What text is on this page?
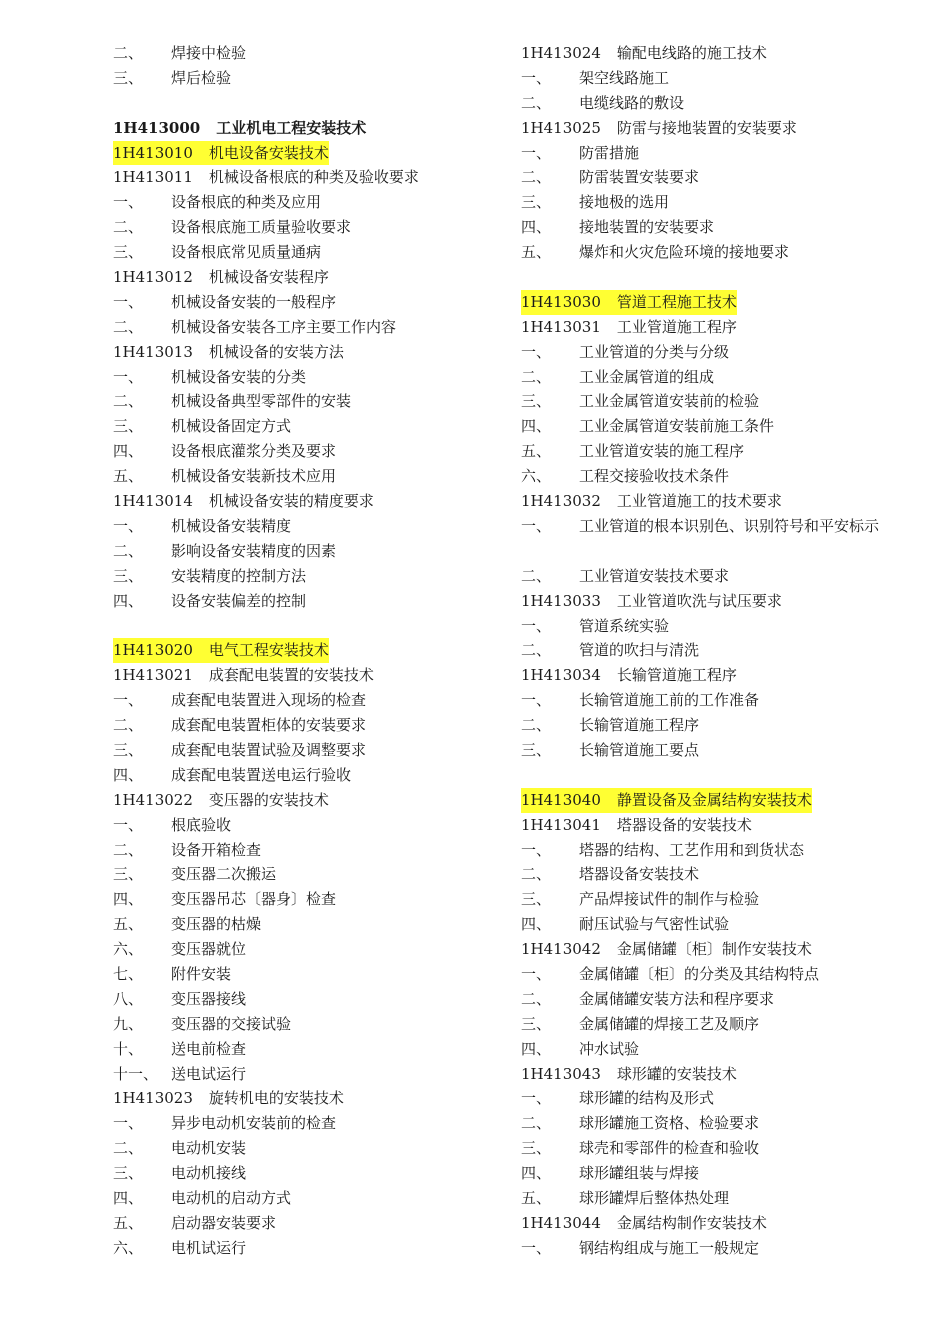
二、	焊接中检验
三、	焊后检验
1H413000 工业机电工程安装技术
1H413010 机电设备安装技术
1H413011 机械设备根底的种类及验收要求
一、	设备根底的种类及应用
二、	设备根底施工质量验收要求
三、	设备根底常见质量通病
1H413012 机械设备安装程序
一、	机械设备安装的一般程序
二、	机械设备安装各工序主要工作内容
1H413013 机械设备的安装方法
一、	机械设备安装的分类
二、	机械设备典型零部件的安装
三、	机械设备固定方式
四、	设备根底灌浆分类及要求
五、	机械设备安装新技术应用
1H413014 机械设备安装的精度要求
一、	机械设备安装精度
二、	影响设备安装精度的因素
三、	安装精度的控制方法
四、	设备安装偏差的控制
1H413020 电气工程安装技术
1H413021 成套配电装置的安装技术
一、	成套配电装置进入现场的检查
二、	成套配电装置柜体的安装要求
三、	成套配电装置试验及调整要求
四、	成套配电装置送电运行验收
1H413022 变压器的安装技术
一、	根底验收
二、	设备开箱检查
三、	变压器二次搬运
四、	变压器吊芯〔器身〕检查
五、	变压器的枯燥
六、	变压器就位
七、	附件安装
八、	变压器接线
九、	变压器的交接试验
十、	送电前检查
十一、 送电试运行
1H413023 旋转机电的安装技术
一、	异步电动机安装前的检查
二、	电动机安装
三、	电动机接线
四、	电动机的启动方式
五、	启动器安装要求
六、	电机试运行
1H413024 输配电线路的施工技术
一、	架空线路施工
二、	电缆线路的敷设
1H413025 防雷与接地装置的安装要求
一、	防雷措施
二、	防雷装置安装要求
三、	接地极的选用
四、	接地装置的安装要求
五、	爆炸和火灾危险环境的接地要求
1H413030 管道工程施工技术
1H413031 工业管道施工程序
一、	工业管道的分类与分级
二、	工业金属管道的组成
三、	工业金属管道安装前的检验
四、	工业金属管道安装前施工条件
五、	工业管道安装的施工程序
六、	工程交接验收技术条件
1H413032 工业管道施工的技术要求
一、	工业管道的根本识别色、识别符号和平安标示
二、	工业管道安装技术要求
1H413033 工业管道吹洗与试压要求
一、	管道系统实验
二、	管道的吹扫与清洗
1H413034 长输管道施工程序
一、	长输管道施工前的工作准备
二、	长输管道施工程序
三、	长输管道施工要点
1H413040 静置设备及金属结构安装技术
1H413041 塔器设备的安装技术
一、	塔器的结构、工艺作用和到货状态
二、	塔器设备安装技术
三、	产品焊接试件的制作与检验
四、	耐压试验与气密性试验
1H413042 金属储罐〔柜〕制作安装技术
一、	金属储罐〔柜〕的分类及其结构特点
二、	金属储罐安装方法和程序要求
三、	金属储罐的焊接工艺及顺序
四、	冲水试验
1H413043 球形罐的安装技术
一、	球形罐的结构及形式
二、	球形罐施工资格、检验要求
三、	球壳和零部件的检查和验收
四、	球形罐组装与焊接
五、	球形罐焊后整体热处理
1H413044 金属结构制作安装技术
一、	钢结构组成与施工一般规定
